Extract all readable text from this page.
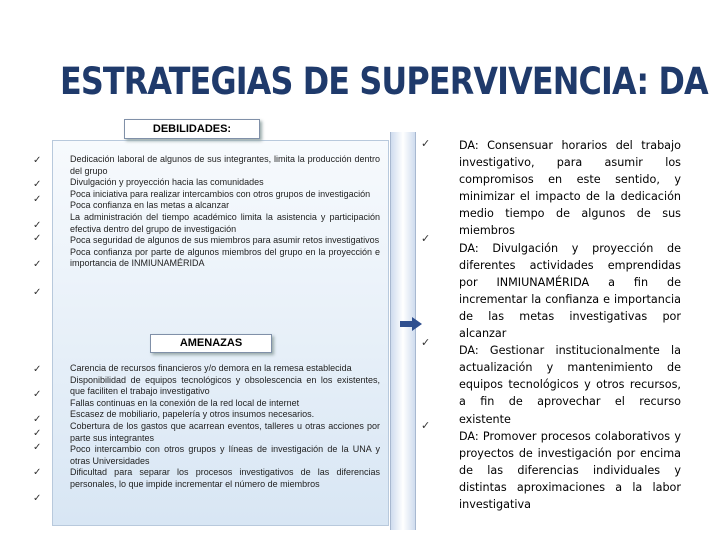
ESTRATEGIAS DE SUPERVIVENCIA: DA
DEBILIDADES:
Dedicación laboral de algunos de sus integrantes, limita la producción dentro del grupo
Divulgación y proyección hacia las comunidades
Poca iniciativa para realizar intercambios con otros grupos de investigación
Poca confianza en las metas a alcanzar
La administración del tiempo académico limita la asistencia y participación efectiva dentro del grupo de investigación
Poca seguridad de algunos de sus miembros para asumir retos investigativos
Poca confianza por parte de algunos miembros del grupo en la proyección e importancia de INMIUNAMÉRIDA
✓
✓
✓
✓
✓
✓
✓
AMENAZAS
Carencia de recursos financieros y/o demora en la remesa establecida
Disponibilidad de equipos tecnológicos y obsolescencia en los existentes, que faciliten el trabajo investigativo
Fallas continuas en la conexión de la red local de internet
Escasez de mobiliario, papelería y otros insumos necesarios.
Cobertura de los gastos que acarrean eventos, talleres u otras acciones por parte sus integrantes
Poco intercambio con otros grupos y líneas de investigación de la UNA y otras Universidades
Dificultad para separar los procesos investigativos de las diferencias personales, lo que impide incrementar el número de miembros
✓
✓
✓
✓
✓
✓
✓
DA: Consensuar horarios del trabajo investigativo, para asumir los compromisos en este sentido, y minimizar el impacto de la dedicación medio tiempo de algunos de sus miembros
DA: Divulgación y proyección de diferentes actividades emprendidas por INMIUNAMÉRIDA a fin de incrementar la confianza e importancia de las metas investigativas por alcanzar
DA: Gestionar institucionalmente la actualización y mantenimiento de equipos tecnológicos y otros recursos, a fin de aprovechar el recurso existente
DA: Promover procesos colaborativos y proyectos de investigación por encima de las diferencias individuales y distintas aproximaciones a la labor investigativa
✓
✓
✓
✓
